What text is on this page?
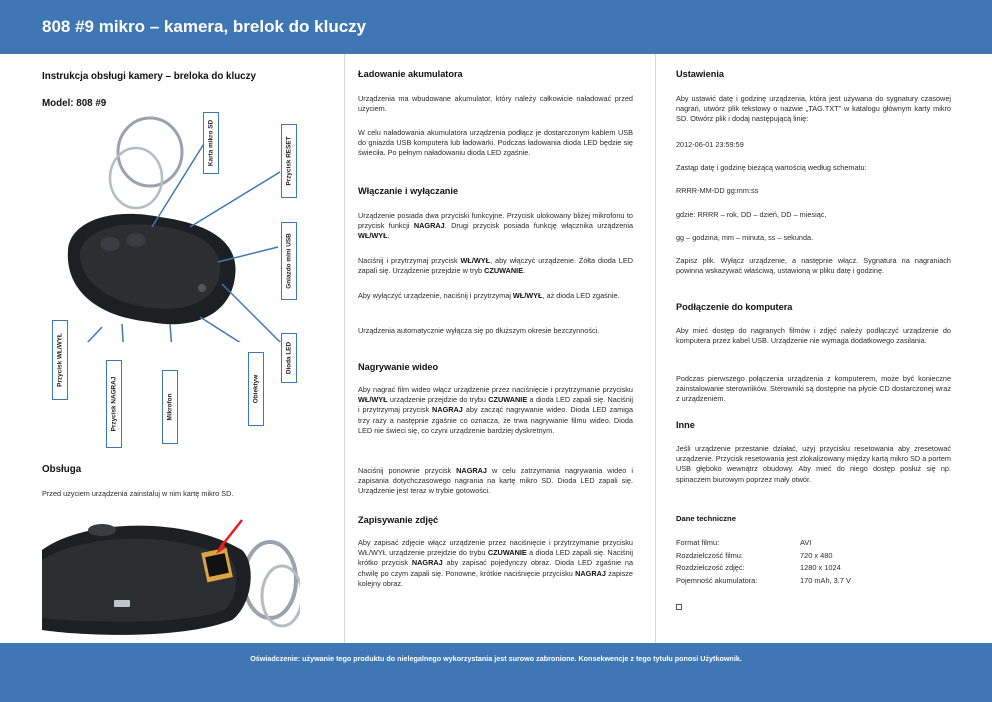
808 #9 mikro – kamera, brelok do kluczy
Instrukcja obsługi kamery – breloka do kluczy
Model: 808 #9
Karta mikro SD	Przycisk RESET
Gniazdo mini USB
Dioda LED
Przycisk WŁ/WYŁ
Przycisk NAGRAJ	Mikrofon
Obiektyw
Obsługa

Przed użyciem urządzenia zainstaluj w nim kartę mikro SD.

Ładowanie akumulatora

Urządzenia ma wbudowane akumulator, który należy całkowicie naładować przed użyciem.

W celu naładowania akumulatora urządzenia podłącz je dostarczonym kablem USB do gniazda USB komputera lub ładowarki. Podczas ładowania dioda LED będzie się świeciła. Po pełnym naładowaniu dioda LED zgaśnie.

Włączanie i wyłączanie

Urządzenie posiada dwa przyciski funkcyjne. Przycisk ulokowany bliżej mikrofonu to przycisk funkcji NAGRAJ. Drugi przycisk posiada funkcję włącznika urządzenia WŁ/WYŁ.

Naciśnij i przytrzymaj przycisk WŁ/WYŁ, aby włączyć urządzenie. Żółta dioda LED zapali się. Urządzenie przejdzie w tryb CZUWANIE.

Aby wyłączyć urządzenie, naciśnij i przytrzymaj WŁ/WYŁ, aż dioda LED zgaśnie.

Urządzenia automatycznie wyłącza się po dłuższym okresie bezczynności.

Nagrywanie wideo

Aby nagrać film wideo włącz urządzenie przez naciśnięcie i przytrzymanie przycisku WŁ/WYŁ urządzenie przejdzie do trybu CZUWANIE a dioda LED zapali się. Naciśnij i przytrzymaj przycisk NAGRAJ aby zacząć nagrywanie wideo. Dioda LED zamiga trzy razy a następnie zgaśnie co oznacza, że trwa nagrywanie filmu wideo. Dioda LED nie świeci się, co czyni urządzenie bardziej dyskretnym.

Naciśnij ponownie przycisk NAGRAJ w celu zatrzymania nagrywania wideo i zapisania dotychczasowego nagrania na kartę mikro SD. Dioda LED zapali się. Urządzenie jest teraz w trybie gotowości.

Zapisywanie zdjęć

Aby zapisać zdjęcie włącz urządzenie przez naciśnięcie i przytrzymanie przycisku WŁ/WYŁ urządzenie przejdzie do trybu CZUWANIE a dioda LED zapali się. Naciśnij krótko przycisk NAGRAJ aby zapisać pojedynczy obraz. Dioda LED zgaśnie na chwilę po czym zapali się. Ponowne, krótkie naciśnięcie przycisku NAGRAJ zapisze kolejny obraz.

Ustawienia

Aby ustawić datę i godzinę urządzenia, która jest używana do sygnatury czasowej nagrań, utwórz plik tekstowy o nazwie „TAG.TXT” w katalogu głównym karty mikro SD. Otwórz plik i dodaj następującą linię:

2012-06-01 23:59:59

Zastąp datę i godzinę bieżącą wartością według schematu:

RRRR-MM-DD gg:mm:ss

gdzie: RRRR – rok, DD – dzień, DD – miesiąc,

gg – godzina, mm – minuta, ss – sekunda.

Zapisz plik. Wyłącz urządzenie, a następnie włącz. Sygnatura na nagraniach powinna wskazywać właściwą, ustawioną w pliku datę i godzinę.

Podłączenie do komputera

Aby mieć dostęp do nagranych filmów i zdjęć należy podłączyć urządzenie do komputera przez kabel USB. Urządzenie nie wymaga dodatkowego zasilania.

Podczas pierwszego połączenia urządzenia z komputerem, może być konieczne zainstalowanie sterowników. Sterowniki są dostępne na płycie CD dostarczonej wraz z urządzeniem.

Inne

Jeśli urządzenie przestanie działać, użyj przycisku resetowania aby zresetować urządzenie. Przycisk resetowania jest zlokalizowany między kartą mikro SD a portem USB głęboko wewnątrz obudowy. Aby mieć do niego dostęp posłuż się np. spinaczem biurowym poprzez mały otwór.

Dane techniczne
Format filmu:	AVI
Rozdzielczość filmu:	720 x 480
Rozdzielczość zdjęć:	1280 x 1024
Pojemność akumulatora:	170 mAh, 3.7 V

Oświadczenie: używanie tego produktu do nielegalnego wykorzystania jest surowo zabronione. Konsekwencje z tego tytułu ponosi Użytkownik.
